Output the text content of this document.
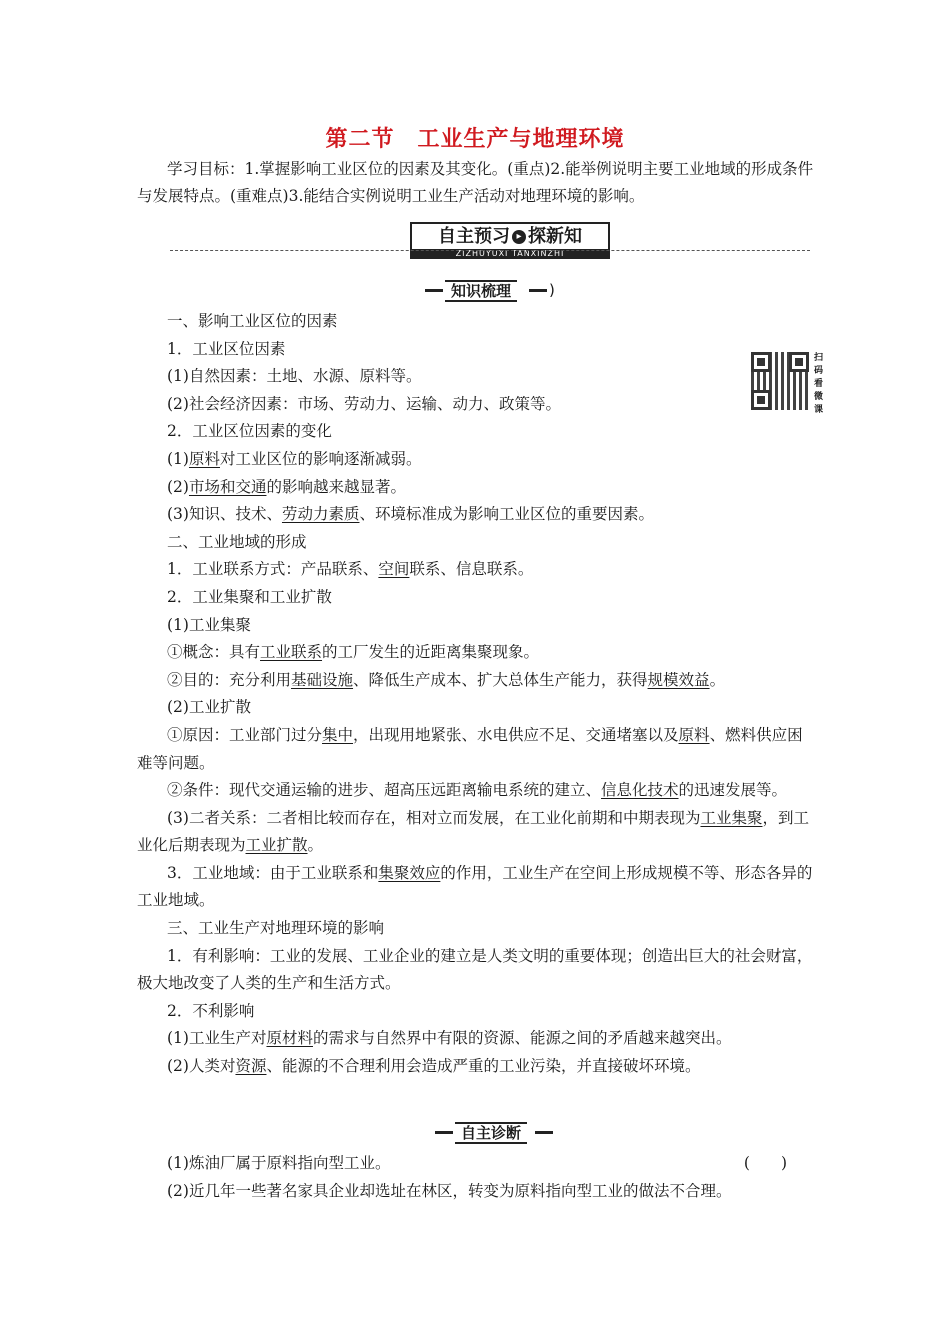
第二节　工业生产与地理环境
学习目标：1.掌握影响工业区位的因素及其变化。(重点)2.能举例说明主要工业地域的形成条件与发展特点。(重难点)3.能结合实例说明工业生产活动对地理环境的影响。
自主预习 ▸ 探新知
ZIZHUYUXI TANXINZHI
知识梳理	)
扫码看微课

一、影响工业区位的因素

1．工业区位因素

(1)自然因素：土地、水源、原料等。

(2)社会经济因素：市场、劳动力、运输、动力、政策等。

2．工业区位因素的变化

(1)原料对工业区位的影响逐渐减弱。

(2)市场和交通的影响越来越显著。

(3)知识、技术、劳动力素质、环境标准成为影响工业区位的重要因素。

二、工业地域的形成

1．工业联系方式：产品联系、空间联系、信息联系。

2．工业集聚和工业扩散

(1)工业集聚

①概念：具有工业联系的工厂发生的近距离集聚现象。

②目的：充分利用基础设施、降低生产成本、扩大总体生产能力，获得规模效益。

(2)工业扩散

①原因：工业部门过分集中，出现用地紧张、水电供应不足、交通堵塞以及原料、燃料供应困难等问题。

②条件：现代交通运输的进步、超高压远距离输电系统的建立、信息化技术的迅速发展等。

(3)二者关系：二者相比较而存在，相对立而发展，在工业化前期和中期表现为工业集聚，到工业化后期表现为工业扩散。

3．工业地域：由于工业联系和集聚效应的作用，工业生产在空间上形成规模不等、形态各异的工业地域。

三、工业生产对地理环境的影响

1．有利影响：工业的发展、工业企业的建立是人类文明的重要体现；创造出巨大的社会财富，极大地改变了人类的生产和生活方式。

2．不利影响

(1)工业生产对原材料的需求与自然界中有限的资源、能源之间的矛盾越来越突出。

(2)人类对资源、能源的不合理利用会造成严重的工业污染，并直接破坏环境。

自主诊断

(1)炼油厂属于原料指向型工业。	(　　)

(2)近几年一些著名家具企业却选址在林区，转变为原料指向型工业的做法不合理。
